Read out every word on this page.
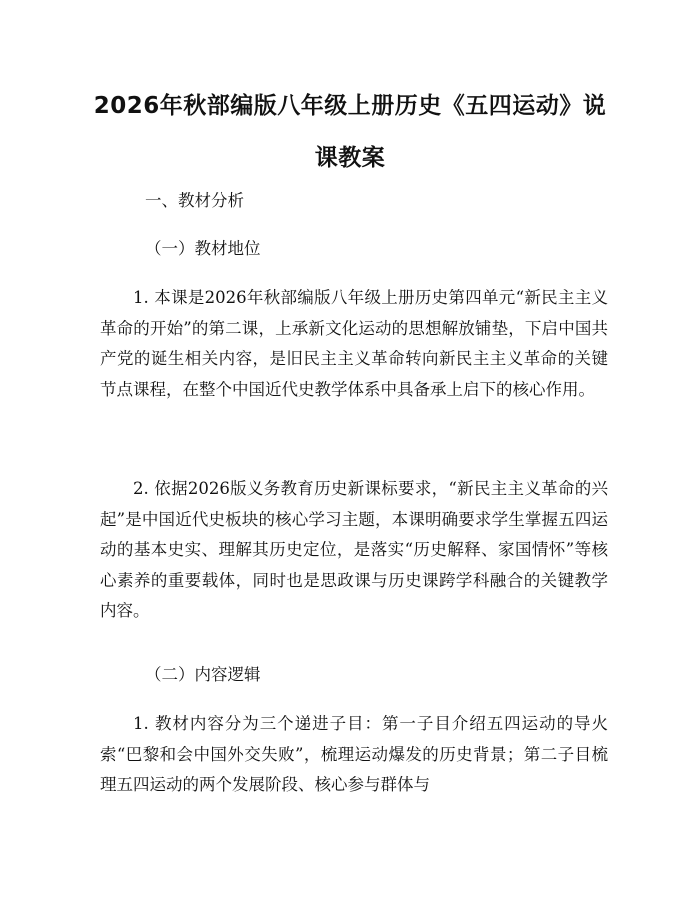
2026年秋部编版八年级上册历史《五四运动》说课教案

一、教材分析

（一）教材地位

1. 本课是2026年秋部编版八年级上册历史第四单元“新民主主义革命的开始”的第二课，上承新文化运动的思想解放铺垫，下启中国共产党的诞生相关内容，是旧民主主义革命转向新民主主义革命的关键节点课程，在整个中国近代史教学体系中具备承上启下的核心作用。

2. 依据2026版义务教育历史新课标要求，“新民主主义革命的兴起”是中国近代史板块的核心学习主题，本课明确要求学生掌握五四运动的基本史实、理解其历史定位，是落实“历史解释、家国情怀”等核心素养的重要载体，同时也是思政课与历史课跨学科融合的关键教学内容。

（二）内容逻辑

1. 教材内容分为三个递进子目：第一子目介绍五四运动的导火索“巴黎和会中国外交失败”，梳理运动爆发的历史背景；第二子目梳理五四运动的两个发展阶段、核心参与群体与
